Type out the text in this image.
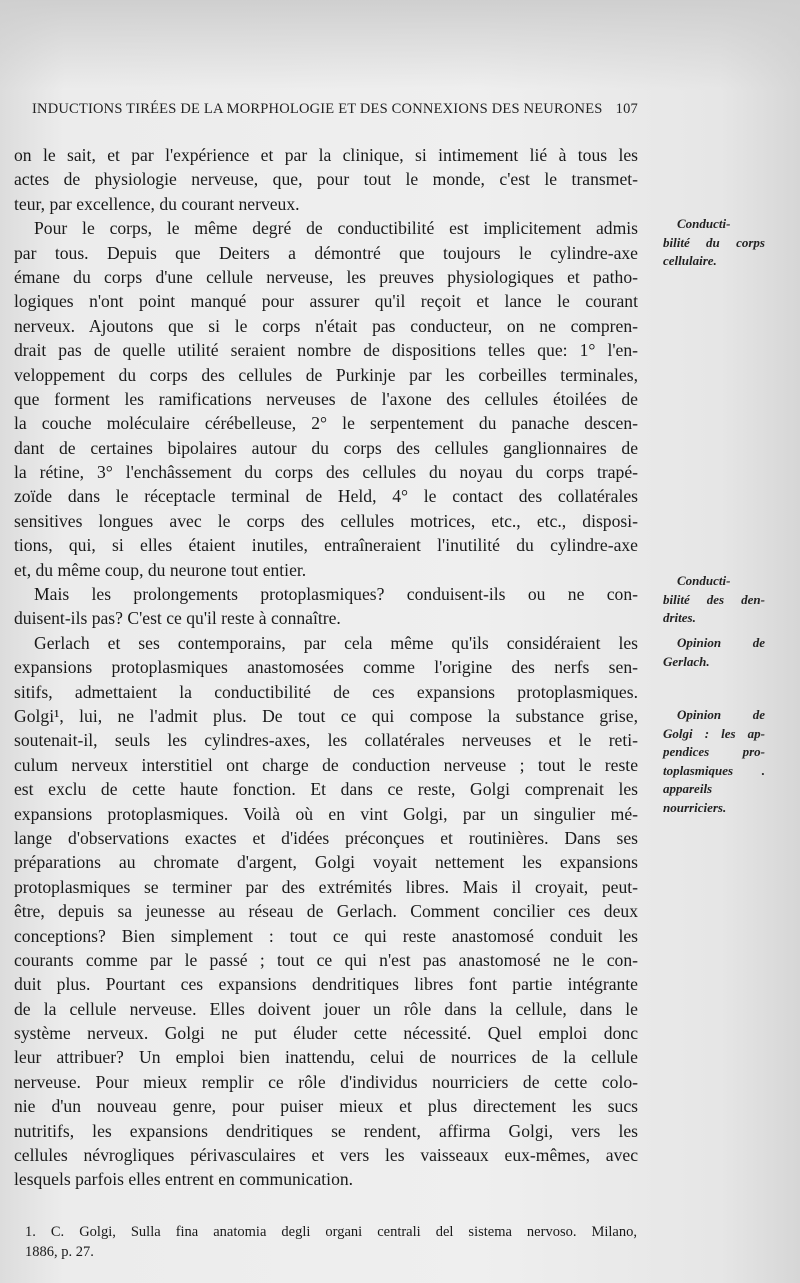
INDUCTIONS TIRÉES DE LA MORPHOLOGIE ET DES CONNEXIONS DES NEURONES 107
on le sait, et par l'expérience et par la clinique, si intimement lié à tous les
actes de physiologie nerveuse, que, pour tout le monde, c'est le transmet-
teur, par excellence, du courant nerveux.
Pour le corps, le même degré de conductibilité est implicitement admis
par tous. Depuis que Deiters a démontré que toujours le cylindre-axe
émane du corps d'une cellule nerveuse, les preuves physiologiques et patho-
logiques n'ont point manqué pour assurer qu'il reçoit et lance le courant
nerveux. Ajoutons que si le corps n'était pas conducteur, on ne compren-
drait pas de quelle utilité seraient nombre de dispositions telles que: 1° l'en-
veloppement du corps des cellules de Purkinje par les corbeilles terminales,
que forment les ramifications nerveuses de l'axone des cellules étoilées de
la couche moléculaire cérébelleuse, 2° le serpentement du panache descen-
dant de certaines bipolaires autour du corps des cellules ganglionnaires de
la rétine, 3° l'enchâssement du corps des cellules du noyau du corps trapé-
zoïde dans le réceptacle terminal de Held, 4° le contact des collatérales
sensitives longues avec le corps des cellules motrices, etc., etc., disposi-
tions, qui, si elles étaient inutiles, entraîneraient l'inutilité du cylindre-axe
et, du même coup, du neurone tout entier.
Mais les prolongements protoplasmiques? conduisent-ils ou ne con-
duisent-ils pas? C'est ce qu'il reste à connaître.
Gerlach et ses contemporains, par cela même qu'ils considéraient les
expansions protoplasmiques anastomosées comme l'origine des nerfs sen-
sitifs, admettaient la conductibilité de ces expansions protoplasmiques.
Golgi¹, lui, ne l'admit plus. De tout ce qui compose la substance grise,
soutenait-il, seuls les cylindres-axes, les collatérales nerveuses et le reti-
culum nerveux interstitiel ont charge de conduction nerveuse ; tout le reste
est exclu de cette haute fonction. Et dans ce reste, Golgi comprenait les
expansions protoplasmiques. Voilà où en vint Golgi, par un singulier mé-
lange d'observations exactes et d'idées préconçues et routinières. Dans ses
préparations au chromate d'argent, Golgi voyait nettement les expansions
protoplasmiques se terminer par des extrémités libres. Mais il croyait, peut-
être, depuis sa jeunesse au réseau de Gerlach. Comment concilier ces deux
conceptions? Bien simplement : tout ce qui reste anastomosé conduit les
courants comme par le passé ; tout ce qui n'est pas anastomosé ne le con-
duit plus. Pourtant ces expansions dendritiques libres font partie intégrante
de la cellule nerveuse. Elles doivent jouer un rôle dans la cellule, dans le
système nerveux. Golgi ne put éluder cette nécessité. Quel emploi donc
leur attribuer? Un emploi bien inattendu, celui de nourrices de la cellule
nerveuse. Pour mieux remplir ce rôle d'individus nourriciers de cette colo-
nie d'un nouveau genre, pour puiser mieux et plus directement les sucs
nutritifs, les expansions dendritiques se rendent, affirma Golgi, vers les
cellules névrogliques périvasculaires et vers les vaisseaux eux-mêmes, avec
lesquels parfois elles entrent en communication.
Conducti-
bilité du corps
cellulaire.
Conducti-
bilité des den-
drites.
Opinion de
Gerlach.
Opinion de
Golgi : les ap-
pendices pro-
toplasmiques .
appareils
nourriciers.
1. C. Golgi, Sulla fina anatomia degli organi centrali del sistema nervoso. Milano,
1886, p. 27.
